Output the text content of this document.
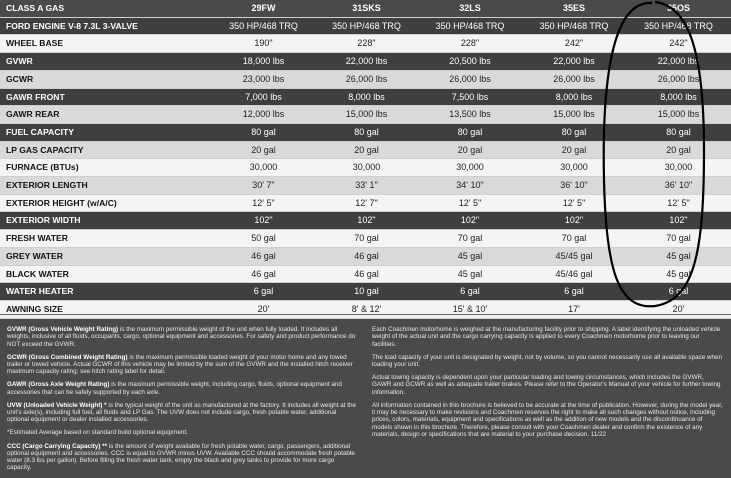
CLASS A GAS	29FW	31SKS	32LS	35ES	35OS
FORD ENGINE V-8 7.3L 3-VALVE	350 HP/468 TRQ	350 HP/468 TRQ	350 HP/468 TRQ	350 HP/468 TRQ	350 HP/468 TRQ
WHEEL BASE	190"	228"	228"	242"	242"
GVWR	18,000 lbs	22,000 lbs	20,500 lbs	22,000 lbs	22,000 lbs
GCWR	23,000 lbs	26,000 lbs	26,000 lbs	26,000 lbs	26,000 lbs
GAWR FRONT	7,000 lbs	8,000 lbs	7,500 lbs	8,000 lbs	8,000 lbs
GAWR REAR	12,000 lbs	15,000 lbs	13,500 lbs	15,000 lbs	15,000 lbs
FUEL CAPACITY	80 gal	80 gal	80 gal	80 gal	80 gal
LP GAS CAPACITY	20 gal	20 gal	20 gal	20 gal	20 gal
FURNACE (BTUs)	30,000	30,000	30,000	30,000	30,000
EXTERIOR LENGTH	30' 7"	33' 1"	34' 10"	36' 10"	36' 10"
EXTERIOR HEIGHT (w/A/C)	12' 5"	12' 7"	12' 5"	12' 5"	12' 5"
EXTERIOR WIDTH	102"	102"	102"	102"	102"
FRESH WATER	50 gal	70 gal	70 gal	70 gal	70 gal
GREY WATER	46 gal	46 gal	45 gal	45/45 gal	45 gal
BLACK WATER	46 gal	46 gal	45 gal	45/46 gal	45 gal
WATER HEATER	6 gal	10 gal	6 gal	6 gal	6 gal
AWNING SIZE	20'	8' & 12'	15' & 10'	17'	20'

GVWR (Gross Vehicle Weight Rating) is the maximum permissible weight of the unit when fully loaded. It includes all weights, inclusive of all fluids, occupants, cargo, optional equipment and accessories. For safety and product performance do NOT exceed the GVWR.

GCWR (Gross Combined Weight Rating) is the maximum permissible loaded weight of your motor home and any towed trailer or towed vehicle. Actual GCWR of this vehicle may be limited by the sum of the GVWR and the installed hitch receiver maximum capacity rating; see hitch rating label for detail.

GAWR (Gross Axle Weight Rating) is the maximum permissible weight, including cargo, fluids, optional equipment and accessories that can be safely supported by each axle.

UVW (Unloaded Vehicle Weight) * is the typical weight of the unit as manufactured at the factory. It includes all weight at the unit's axle(s), including full fuel, all fluids and LP Gas. The UVW does not include cargo, fresh potable water, additional optional equipment or dealer installed accessories.

*Estimated Average based on standard build optional equipment.

CCC (Cargo Carrying Capacity) ** is the amount of weight available for fresh potable water, cargo, passengers, additional optional equipment and accessories. CCC is equal to GVWR minus UVW. Available CCC should accommodate fresh potable water (8.3 lbs per gallon). Before filling the fresh water tank, empty the black and grey tanks to provide for more cargo capacity.

Each Coachmen motorhome is weighed at the manufacturing facility prior to shipping. A label identifying the unloaded vehicle weight of the actual unit and the cargo carrying capacity is applied to every Coachmen motorhome prior to leaving our facilities.

The load capacity of your unit is designated by weight, not by volume, so you cannot necessarily use all available space when loading your unit.

Actual towing capacity is dependent upon your particular loading and towing circumstances, which includes the GVWR, GAWR and GCWR as well as adequate trailer brakes. Please refer to the Operator's Manual of your vehicle for further towing information.

All information contained in this brochure is believed to be accurate at the time of publication. However, during the model year, it may be necessary to make revisions and Coachmen reserves the right to make all such changes without notice, including prices, colors, materials, equipment and specifications as well as the addition of new models and the discontinuance of models shown in this brochure. Therefore, please consult with your Coachmen dealer and confirm the existence of any materials, design or specifications that are material to your purchase decision. 11/22
